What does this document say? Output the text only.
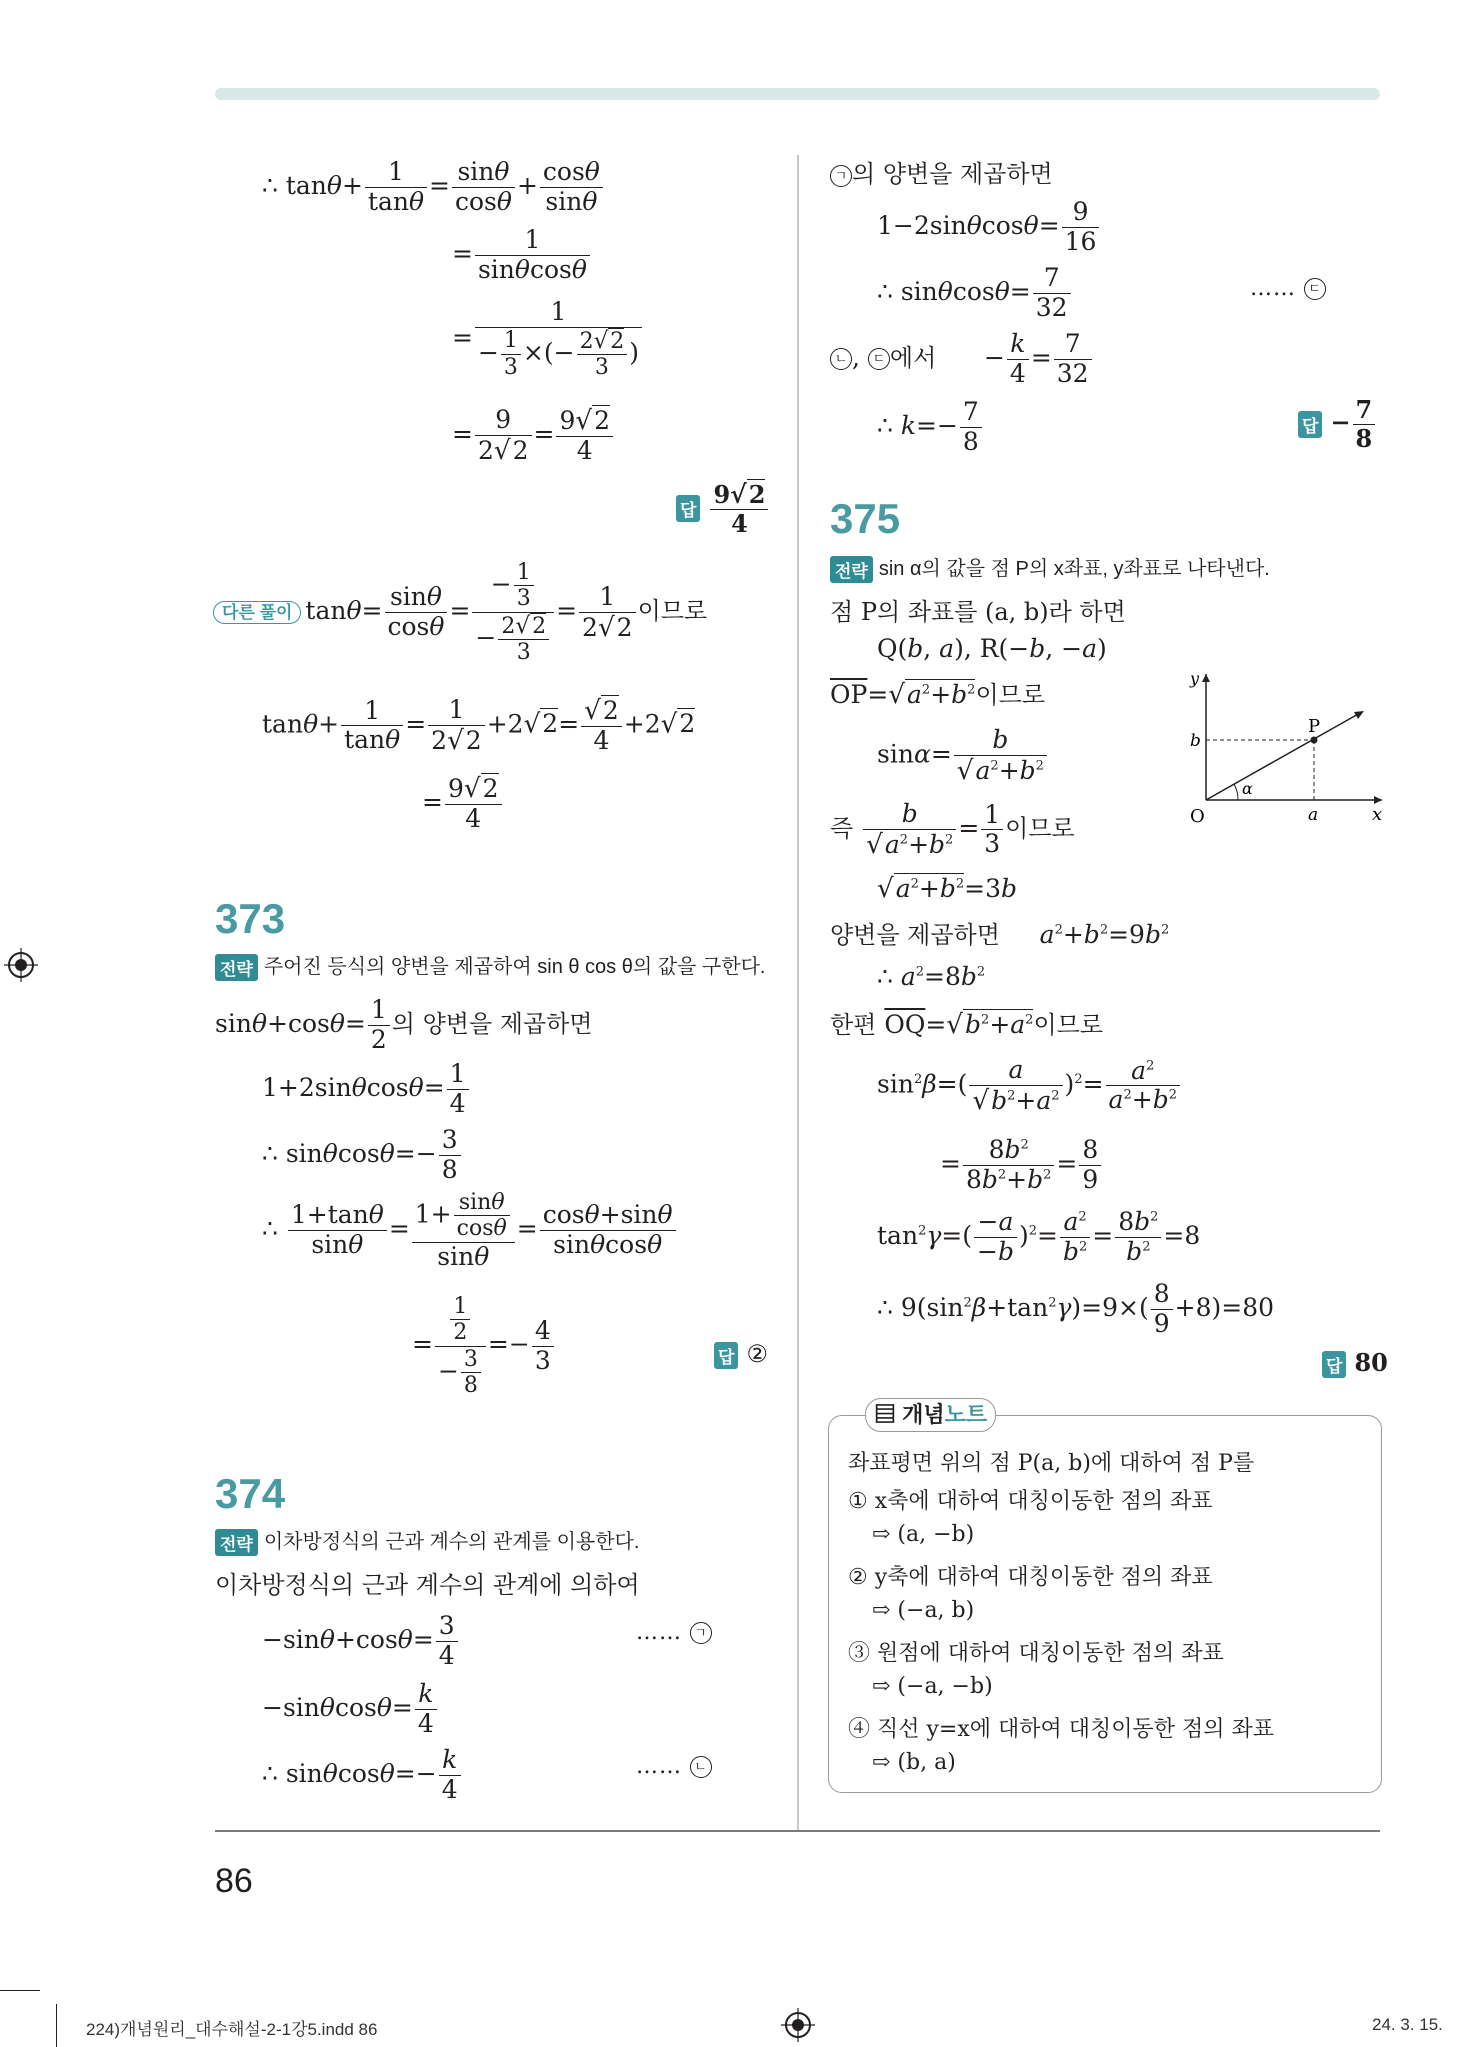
∴ $\tan\theta+ \frac{1}{\tan\theta} = \frac{\sin\theta}{\cos\theta} + \frac{\cos\theta}{\sin\theta}$
= $\frac{1}{\sin\theta\cos\theta}$
= $\frac{1}{- \frac{1}{3} \times(- \frac{2√2}{3} )}$
= $\frac{9}{2√2} = \frac{9√2}{4}$
답 $\frac{9√2}{4}$
다른 풀이 $\tan\theta= \frac{\sin\theta}{\cos\theta} = \frac{- \frac{1}{3}}{- \frac{2√2}{3}} = \frac{1}{2√2}$ 이므로
$\tan\theta+ \frac{1}{\tan\theta} = \frac{1}{2√2} +2√2= \frac{√2}{4} +2√2$
= $\frac{9√2}{4}$
373
전략 주어진 등식의 양변을 제곱하여 sin θ cos θ의 값을 구한다.
$\sin\theta+\cos\theta= \frac{1}{2}$ 의 양변을 제곱하면
$1+2\sin\theta\cos\theta= \frac{1}{4}$
∴ $\sin\theta\cos\theta=- \frac{3}{8}$
∴ $\frac{1+\tan\theta}{\sin\theta} = \frac{1+ \frac{\sin\theta}{\cos\theta}}{\sin\theta} = \frac{\cos\theta+\sin\theta}{\sin\theta\cos\theta}$
= $\frac{\frac{1}{2}}{- \frac{3}{8}} =- \frac{4}{3}$	답 ②
374
전략 이차방정식의 근과 계수의 관계를 이용한다.
이차방정식의 근과 계수의 관계에 의하여
$-\sin\theta+\cos\theta= \frac{3}{4}$	…… ㄱ
$-\sin\theta\cos\theta= \frac{k}{4}$
∴ $\sin\theta\cos\theta=- \frac{k}{4}$	…… ㄴ
ㄱ 의 양변을 제곱하면
$1-2\sin\theta\cos\theta= \frac{9}{16}$
∴ $\sin\theta\cos\theta= \frac{7}{32}$	…… ㄷ
ㄴ , ㄷ 에서      − $\frac{k}{4} = \frac{7}{32}$
∴ $k=- \frac{7}{8}$	답 − $\frac{7}{8}$
375
전략 sin α의 값을 점 P의 x좌표, y좌표로 나타낸다.
점 P의 좌표를 (a, b)라 하면
Q(b, a), R(−b, −a)
$\overline{OP}=√a^2+b^2$이므로
$\sin\alpha= \frac{b}{√a^2+b^2}$
즉 $\frac{b}{√a^2+b^2} = \frac{1}{3}$ 이므로
$√a^2+b^2=3b$
양변을 제곱하면 $a^2+b^2=9b^2$
∴ $a^2=8b^2$
한편 $\overline{OQ}=√b^2+a^2$이므로
$\sin^2\beta=( \frac{a}{√b^2+a^2} )^2= \frac{a^2}{a^2+b^2}$
= $\frac{8b^2}{8b^2+b^2} = \frac{8}{9}$
$\tan^2\gamma=( \frac{-a}{-b} )^2= \frac{a^2}{b^2} = \frac{8b^2}{b^2} =8$
∴ $9(\sin^2\beta+\tan^2\gamma)=9\times( \frac{8}{9} +8)=80$
답 80
y
x
O	a
b
P
α
▤ 개념노트
좌표평면 위의 점 P(a, b)에 대하여 점 P를
① x축에 대하여 대칭이동한 점의 좌표
⇨ (a, −b)
② y축에 대하여 대칭이동한 점의 좌표
⇨ (−a, b)
③ 원점에 대하여 대칭이동한 점의 좌표
⇨ (−a, −b)
④ 직선 y=x에 대하여 대칭이동한 점의 좌표
⇨ (b, a)
86
224)개념원리_대수해설-2-1강5.indd 86	24. 3. 15.
